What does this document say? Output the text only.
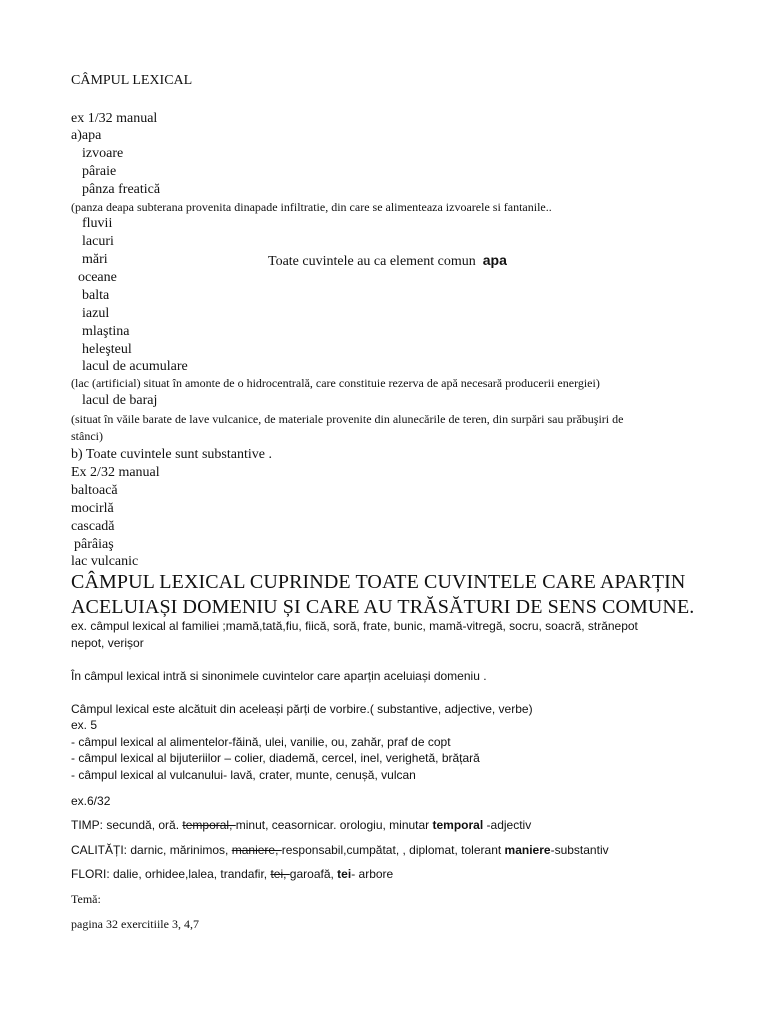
CÂMPUL LEXICAL
ex 1/32 manual
a)apa
izvoare
pâraie
pânza freatică
(panza deapa subterana provenita dinapade infiltratie, din care se alimenteaza izvoarele si fantanile..
fluvii
lacuri
mări	Toate cuvintele au ca element comun apa
oceane
balta
iazul
mlaştina
heleşteul
lacul de acumulare
(lac (artificial) situat în amonte de o hidrocentrală, care constituie rezerva de apă necesară producerii energiei)
lacul de baraj
(situat în văile barate de lave vulcanice, de materiale provenite din alunecările de teren, din surpări sau prăbuşiri de
stânci)
b) Toate cuvintele sunt substantive .
Ex 2/32 manual
baltoacă
mocirlă
cascadă
pârâiaş
lac vulcanic
CÂMPUL LEXICAL CUPRINDE TOATE CUVINTELE CARE APARȚIN
ACELUIAȘI DOMENIU ȘI CARE AU TRĂSĂTURI DE SENS COMUNE.
ex. câmpul lexical al familiei ;mamă,tată,fiu, fiică, soră, frate, bunic, mamă-vitregă, socru, soacră, strănepot
nepot, verișor
În câmpul lexical intră si sinonimele cuvintelor care aparțin aceluiași domeniu .
Câmpul lexical este alcătuit din aceleași părți de vorbire.( substantive, adjective, verbe)
ex. 5
- câmpul lexical al alimentelor-făină, ulei, vanilie, ou, zahăr, praf de copt
- câmpul lexical al bijuteriilor – colier, diademă, cercel, inel, verighetă, brățară
- câmpul lexical al vulcanului- lavă, crater, munte, cenușă, vulcan
ex.6/32
TIMP: secundă, oră. temporal, minut, ceasornicar. orologiu, minutar temporal -adjectiv
CALITĂȚI: darnic, mărinimos, maniere, responsabil,cumpătat, , diplomat, tolerant maniere-substantiv
FLORI: dalie, orhidee,lalea, trandafir, tei, garoafă, tei- arbore
Temă:
pagina 32 exercitiile 3, 4,7
